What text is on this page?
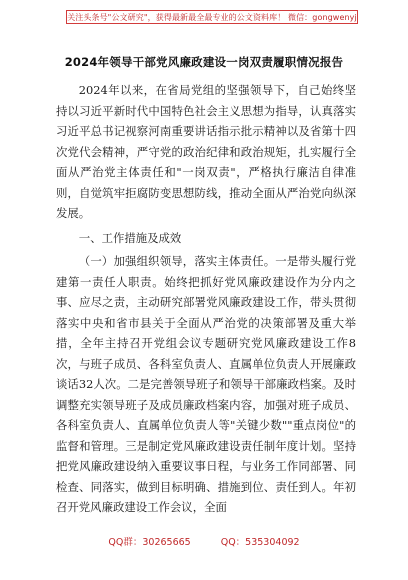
关注头条号"公文研究"，获得最新最全最专业的公文资料库！ 微信：gongwenyj
2024年领导干部党风廉政建设一岗双责履职情况报告

2024年以来，在省局党组的坚强领导下，自己始终坚持以习近平新时代中国特色社会主义思想为指导，认真落实习近平总书记视察河南重要讲话指示批示精神以及省第十四次党代会精神，严守党的政治纪律和政治规矩，扎实履行全面从严治党主体责任和"一岗双责"，严格执行廉洁自律准则，自觉筑牢拒腐防变思想防线，推动全面从严治党向纵深发展。

一、工作措施及成效

（一）加强组织领导，落实主体责任。一是带头履行党建第一责任人职责。始终把抓好党风廉政建设作为分内之事、应尽之责，主动研究部署党风廉政建设工作，带头贯彻落实中央和省市县关于全面从严治党的决策部署及重大举措，全年主持召开党组会议专题研究党风廉政建设工作8次，与班子成员、各科室负责人、直属单位负责人开展廉政谈话32人次。二是完善领导班子和领导干部廉政档案。及时调整充实领导班子及成员廉政档案内容，加强对班子成员、各科室负责人、直属单位负责人等"关键少数""重点岗位"的监督和管理。三是制定党风廉政建设责任制年度计划。坚持把党风廉政建设纳入重要议事日程，与业务工作同部署、同检查、同落实，做到目标明确、措施到位、责任到人。年初召开党风廉政建设工作会议，全面

QQ群：30265665	QQ：535304092
